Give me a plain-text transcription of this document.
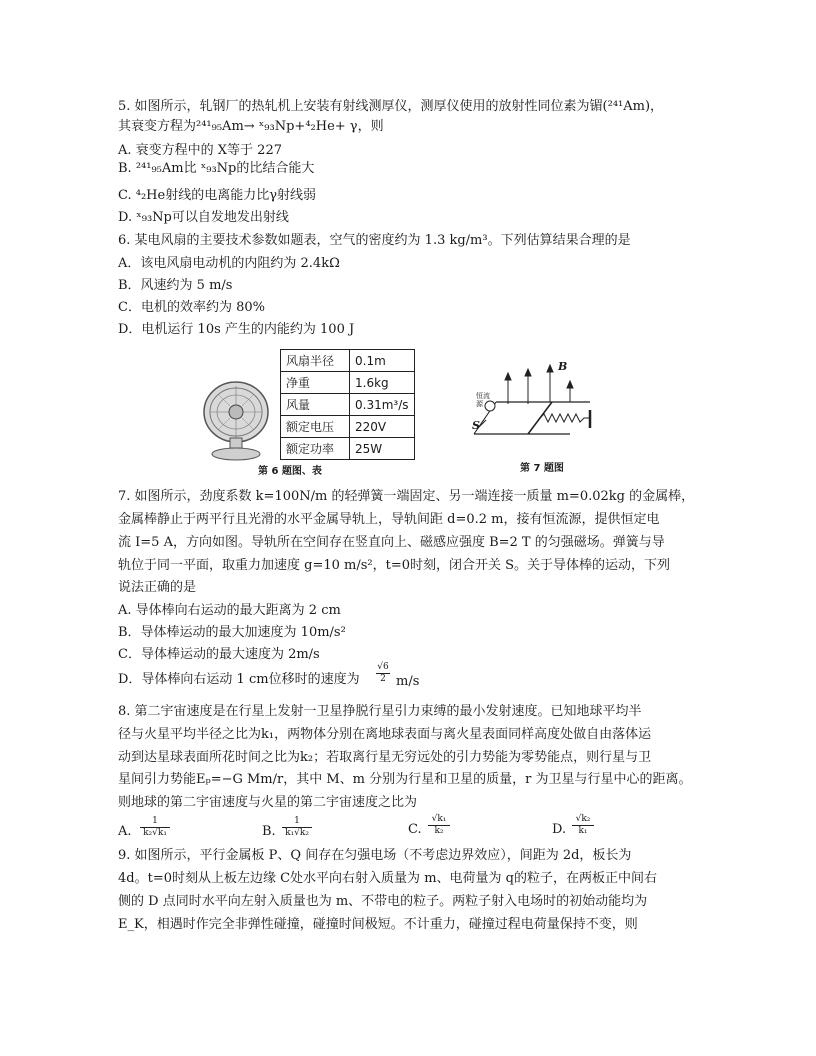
5. 如图所示，轧钢厂的热轧机上安装有射线测厚仪，测厚仪使用的放射性同位素为镅(²⁴¹Am)，
其衰变方程为²⁴¹₉₅Am→ ˣ₉₃Np+⁴₂He+ γ，则
A. 衰变方程中的 X等于 227
B. ²⁴¹₉₅Am比 ˣ₉₃Np的比结合能大
C. ⁴₂He射线的电离能力比γ射线弱
D. ˣ₉₃Np可以自发地发出射线
6. 某电风扇的主要技术参数如题表，空气的密度约为 1.3 kg/m³。下列估算结果合理的是
A．该电风扇电动机的内阻约为 2.4kΩ
B．风速约为 5 m/s
C．电机的效率约为 80%
D．电机运行 10s 产生的内能约为 100 J
风扇半径	0.1m
净重	1.6kg
风量	0.31m³/s
额定电压	220V
额定功率	25W
第 6 题图、表
B
S
恒流源
第 7 题图
7. 如图所示，劲度系数 k=100N/m 的轻弹簧一端固定、另一端连接一质量 m=0.02kg 的金属棒，
金属棒静止于两平行且光滑的水平金属导轨上，导轨间距 d=0.2 m，接有恒流源，提供恒定电
流 I=5 A，方向如图。导轨所在空间存在竖直向上、磁感应强度 B=2 T 的匀强磁场。弹簧与导
轨位于同一平面，取重力加速度 g=10 m/s²，t=0时刻，闭合开关 S。关于导体棒的运动，下列
说法正确的是
A. 导体棒向右运动的最大距离为 2 cm
B．导体棒运动的最大加速度为 10m/s²
C．导体棒运动的最大速度为 2m/s
D．导体棒向右运动 1 cm位移时的速度为 $\frac{√6}{2} m/s$
8. 第二宇宙速度是在行星上发射一卫星挣脱行星引力束缚的最小发射速度。已知地球平均半
径与火星平均半径之比为k₁，两物体分别在离地球表面与离火星表面同样高度处做自由落体运
动到达星球表面所花时间之比为k₂；若取离行星无穷远处的引力势能为零势能点，则行星与卫
星间引力势能Eₚ=−G Mm/r，其中 M、m 分别为行星和卫星的质量，r 为卫星与行星中心的距离。
则地球的第二宇宙速度与火星的第二宇宙速度之比为
A. $\frac{1}{\text{k₂√k₁}}$	B. $\frac{1}{\text{k₁√k₂}}$	C. $\frac{\text{√k₁}}{\text{k₂}}$	D. $\frac{\text{√k₂}}{\text{k₁}}$
9. 如图所示，平行金属板 P、Q 间存在匀强电场（不考虑边界效应），间距为 2d，板长为
4d。t=0时刻从上板左边缘 C处水平向右射入质量为 m、电荷量为 q的粒子，在两板正中间右
侧的 D 点同时水平向左射入质量也为 m、不带电的粒子。两粒子射入电场时的初始动能均为
E_K，相遇时作完全非弹性碰撞，碰撞时间极短。不计重力，碰撞过程电荷量保持不变，则
